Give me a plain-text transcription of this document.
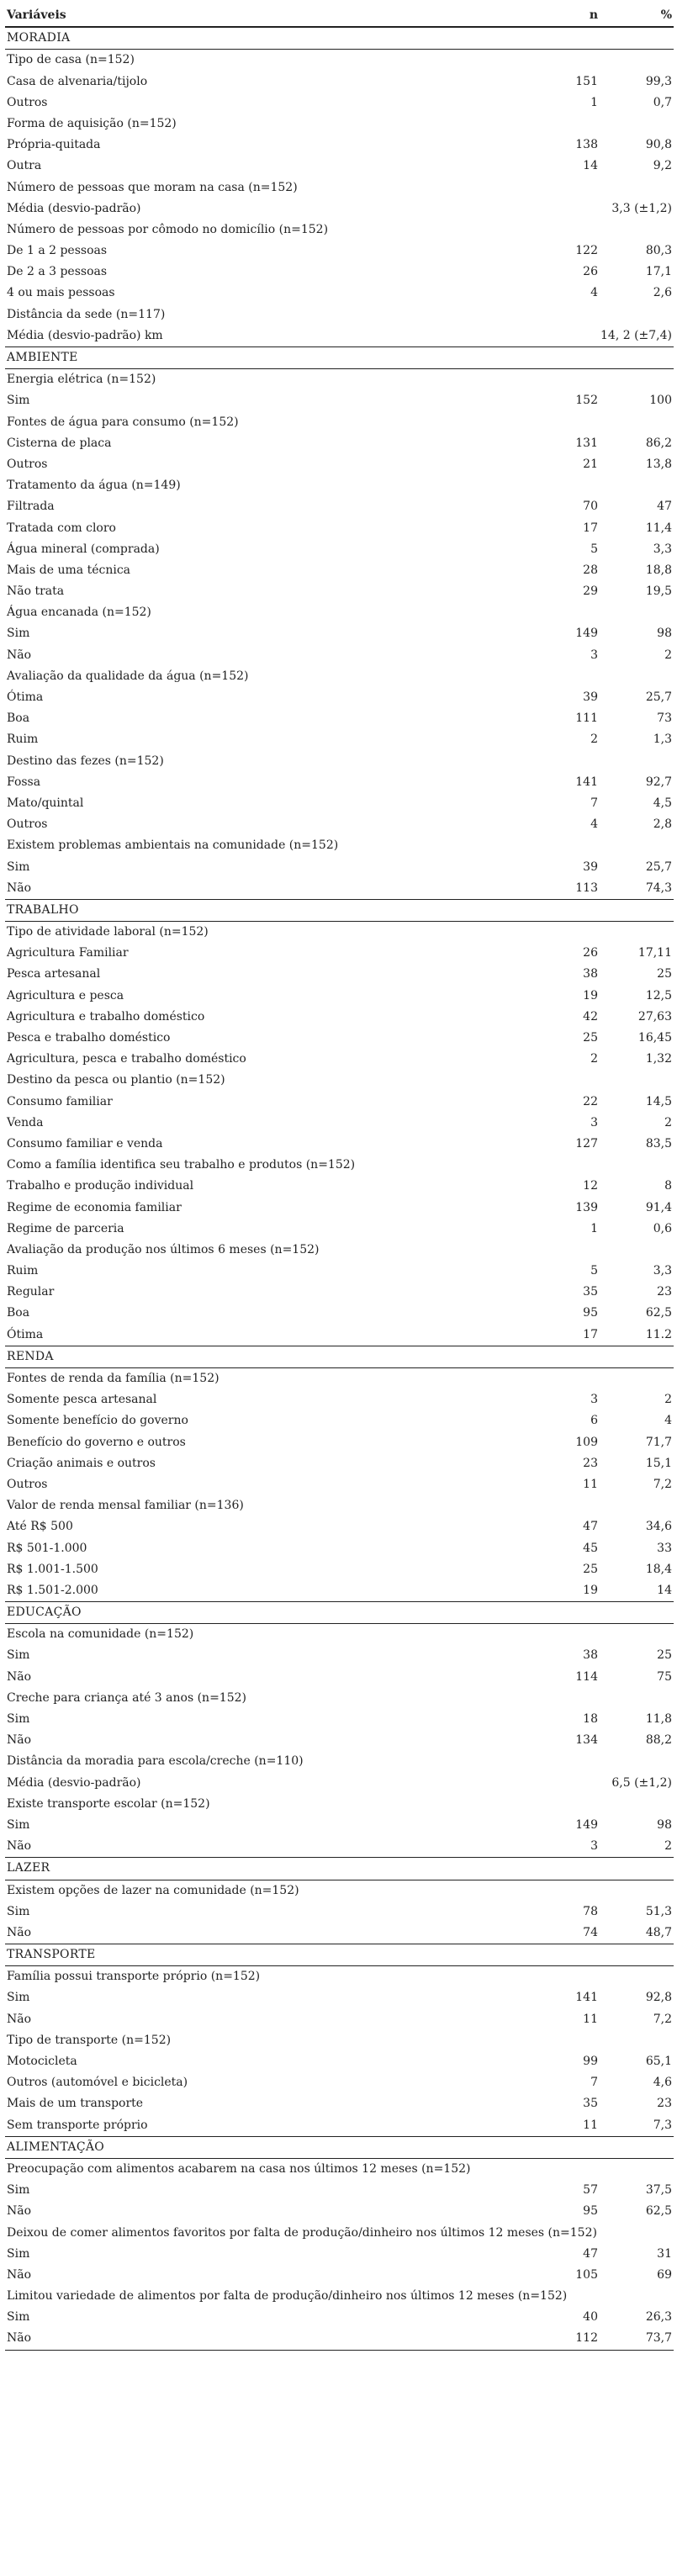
Variáveis	n	%
MORADIA
Tipo de casa (n=152)
Casa de alvenaria/tijolo	151	99,3
Outros	1	0,7
Forma de aquisição (n=152)
Própria-quitada	138	90,8
Outra	14	9,2
Número de pessoas que moram na casa (n=152)
Média (desvio-padrão)	3,3 (±1,2)
Número de pessoas por cômodo no domicílio (n=152)
De 1 a 2 pessoas	122	80,3
De 2 a 3 pessoas	26	17,1
4 ou mais pessoas	4	2,6
Distância da sede (n=117)
Média (desvio-padrão) km	14, 2 (±7,4)
AMBIENTE
Energia elétrica (n=152)
Sim	152	100
Fontes de água para consumo (n=152)
Cisterna de placa	131	86,2
Outros	21	13,8
Tratamento da água (n=149)
Filtrada	70	47
Tratada com cloro	17	11,4
Água mineral (comprada)	5	3,3
Mais de uma técnica	28	18,8
Não trata	29	19,5
Água encanada (n=152)
Sim	149	98
Não	3	2
Avaliação da qualidade da água (n=152)
Ótima	39	25,7
Boa	111	73
Ruim	2	1,3
Destino das fezes (n=152)
Fossa	141	92,7
Mato/quintal	7	4,5
Outros	4	2,8
Existem problemas ambientais na comunidade (n=152)
Sim	39	25,7
Não	113	74,3
TRABALHO
Tipo de atividade laboral (n=152)
Agricultura Familiar	26	17,11
Pesca artesanal	38	25
Agricultura e pesca	19	12,5
Agricultura e trabalho doméstico	42	27,63
Pesca e trabalho doméstico	25	16,45
Agricultura, pesca e trabalho doméstico	2	1,32
Destino da pesca ou plantio (n=152)
Consumo familiar	22	14,5
Venda	3	2
Consumo familiar e venda	127	83,5
Como a família identifica seu trabalho e produtos (n=152)
Trabalho e produção individual	12	8
Regime de economia familiar	139	91,4
Regime de parceria	1	0,6
Avaliação da produção nos últimos 6 meses (n=152)
Ruim	5	3,3
Regular	35	23
Boa	95	62,5
Ótima	17	11.2
RENDA
Fontes de renda da família (n=152)
Somente pesca artesanal	3	2
Somente benefício do governo	6	4
Benefício do governo e outros	109	71,7
Criação animais e outros	23	15,1
Outros	11	7,2
Valor de renda mensal familiar (n=136)
Até R$ 500	47	34,6
R$ 501-1.000	45	33
R$ 1.001-1.500	25	18,4
R$ 1.501-2.000	19	14
EDUCAÇÃO
Escola na comunidade (n=152)
Sim	38	25
Não	114	75
Creche para criança até 3 anos (n=152)
Sim	18	11,8
Não	134	88,2
Distância da moradia para escola/creche (n=110)
Média (desvio-padrão)	6,5 (±1,2)
Existe transporte escolar (n=152)
Sim	149	98
Não	3	2
LAZER
Existem opções de lazer na comunidade (n=152)
Sim	78	51,3
Não	74	48,7
TRANSPORTE
Família possui transporte próprio (n=152)
Sim	141	92,8
Não	11	7,2
Tipo de transporte (n=152)
Motocicleta	99	65,1
Outros (automóvel e bicicleta)	7	4,6
Mais de um transporte	35	23
Sem transporte próprio	11	7,3
ALIMENTAÇÃO
Preocupação com alimentos acabarem na casa nos últimos 12 meses (n=152)
Sim	57	37,5
Não	95	62,5
Deixou de comer alimentos favoritos por falta de produção/dinheiro nos últimos 12 meses (n=152)
Sim	47	31
Não	105	69
Limitou variedade de alimentos por falta de produção/dinheiro nos últimos 12 meses (n=152)
Sim	40	26,3
Não	112	73,7
